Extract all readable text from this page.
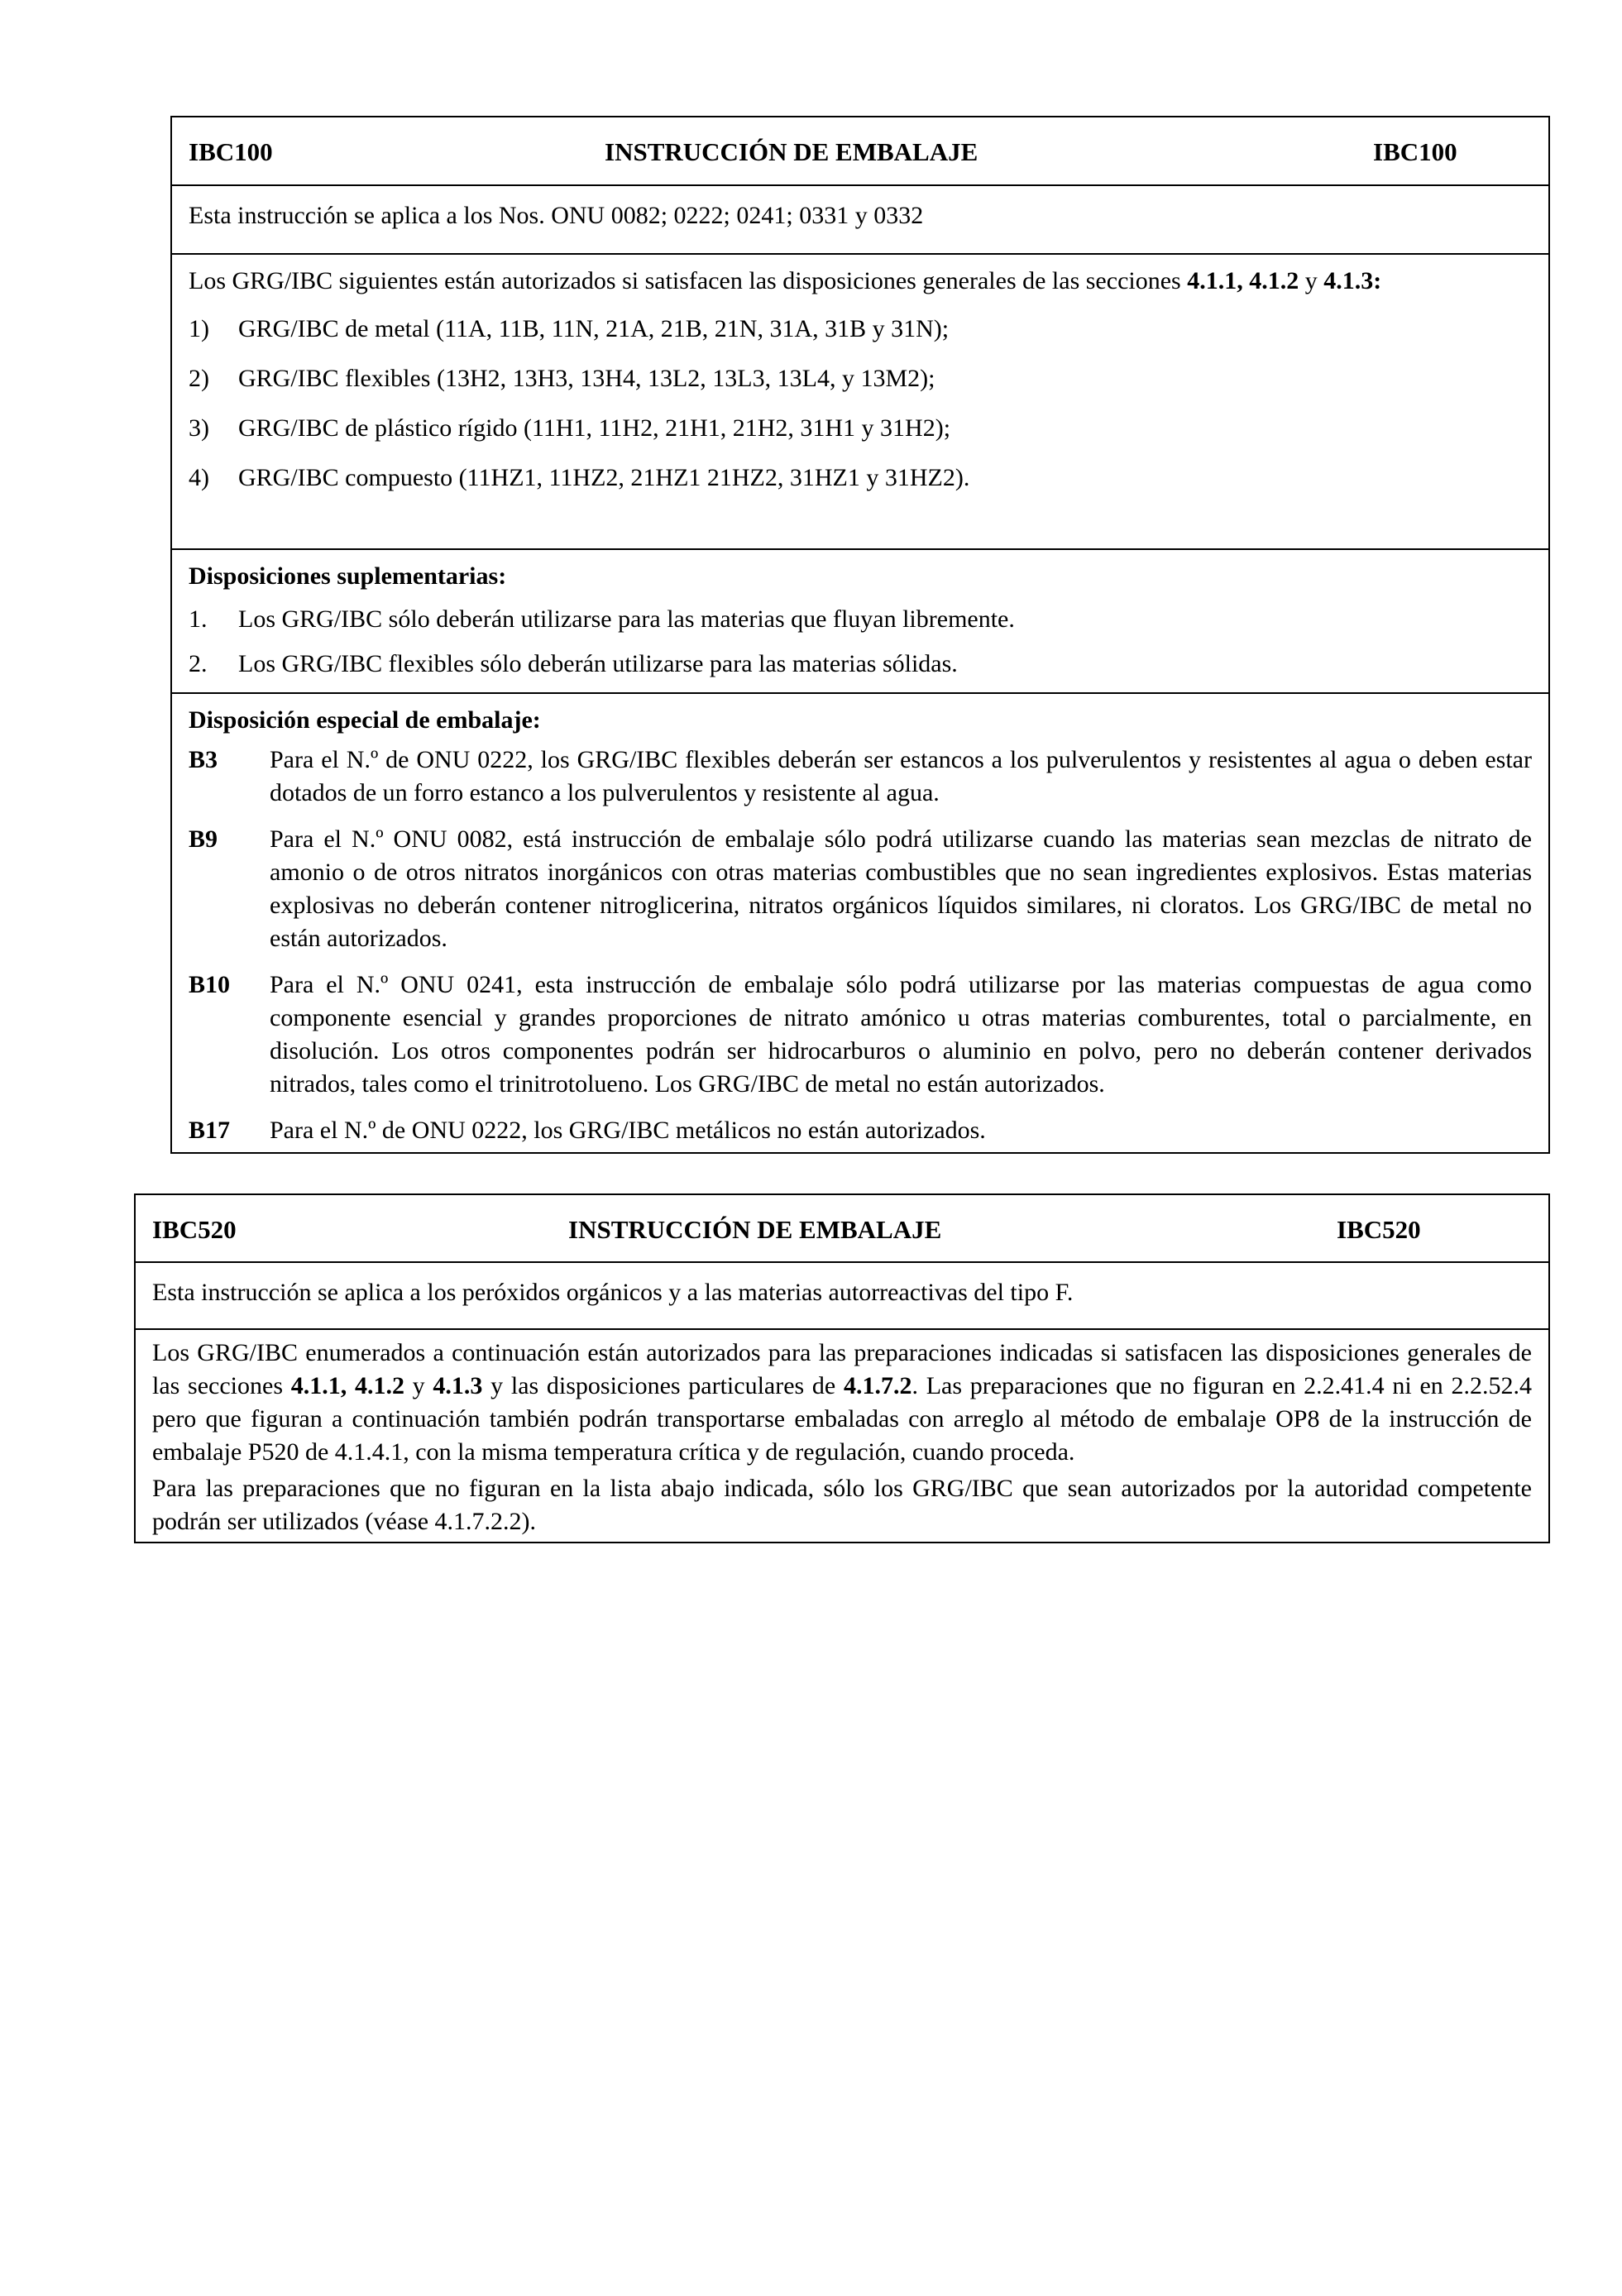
IBC100	INSTRUCCIÓN DE EMBALAJE	IBC100

Esta instrucción se aplica a los Nos. ONU 0082; 0222; 0241; 0331 y 0332

Los GRG/IBC siguientes están autorizados si satisfacen las disposiciones generales de las secciones 4.1.1, 4.1.2 y 4.1.3:

1) GRG/IBC de metal (11A, 11B, 11N, 21A, 21B, 21N, 31A, 31B y 31N);
2) GRG/IBC flexibles (13H2, 13H3, 13H4, 13L2, 13L3, 13L4, y 13M2);
3) GRG/IBC de plástico rígido (11H1, 11H2, 21H1, 21H2, 31H1 y 31H2);
4) GRG/IBC compuesto (11HZ1, 11HZ2, 21HZ1 21HZ2, 31HZ1 y 31HZ2).
Disposiciones suplementarias:
1. Los GRG/IBC sólo deberán utilizarse para las materias que fluyan libremente.
2. Los GRG/IBC flexibles sólo deberán utilizarse para las materias sólidas.
Disposición especial de embalaje:
B3 Para el N.º de ONU 0222, los GRG/IBC flexibles deberán ser estancos a los pulverulentos y resistentes al agua o deben estar dotados de un forro estanco a los pulverulentos y resistente al agua.
B9 Para el N.º ONU 0082, está instrucción de embalaje sólo podrá utilizarse cuando las materias sean mezclas de nitrato de amonio o de otros nitratos inorgánicos con otras materias combustibles que no sean ingredientes explosivos. Estas materias explosivas no deberán contener nitroglicerina, nitratos orgánicos líquidos similares, ni cloratos. Los GRG/IBC de metal no están autorizados.
B10 Para el N.º ONU 0241, esta instrucción de embalaje sólo podrá utilizarse por las materias compuestas de agua como componente esencial y grandes proporciones de nitrato amónico u otras materias comburentes, total o parcialmente, en disolución. Los otros componentes podrán ser hidrocarburos o aluminio en polvo, pero no deberán contener derivados nitrados, tales como el trinitrotolueno. Los GRG/IBC de metal no están autorizados.
B17 Para el N.º de ONU 0222, los GRG/IBC metálicos no están autorizados.
IBC520	INSTRUCCIÓN DE EMBALAJE	IBC520

Esta instrucción se aplica a los peróxidos orgánicos y a las materias autorreactivas del tipo F.

Los GRG/IBC enumerados a continuación están autorizados para las preparaciones indicadas si satisfacen las disposiciones generales de las secciones 4.1.1, 4.1.2 y 4.1.3 y las disposiciones particulares de 4.1.7.2. Las preparaciones que no figuran en 2.2.41.4 ni en 2.2.52.4 pero que figuran a continuación también podrán transportarse embaladas con arreglo al método de embalaje OP8 de la instrucción de embalaje P520 de 4.1.4.1, con la misma temperatura crítica y de regulación, cuando proceda.

Para las preparaciones que no figuran en la lista abajo indicada, sólo los GRG/IBC que sean autorizados por la autoridad competente podrán ser utilizados (véase 4.1.7.2.2).
